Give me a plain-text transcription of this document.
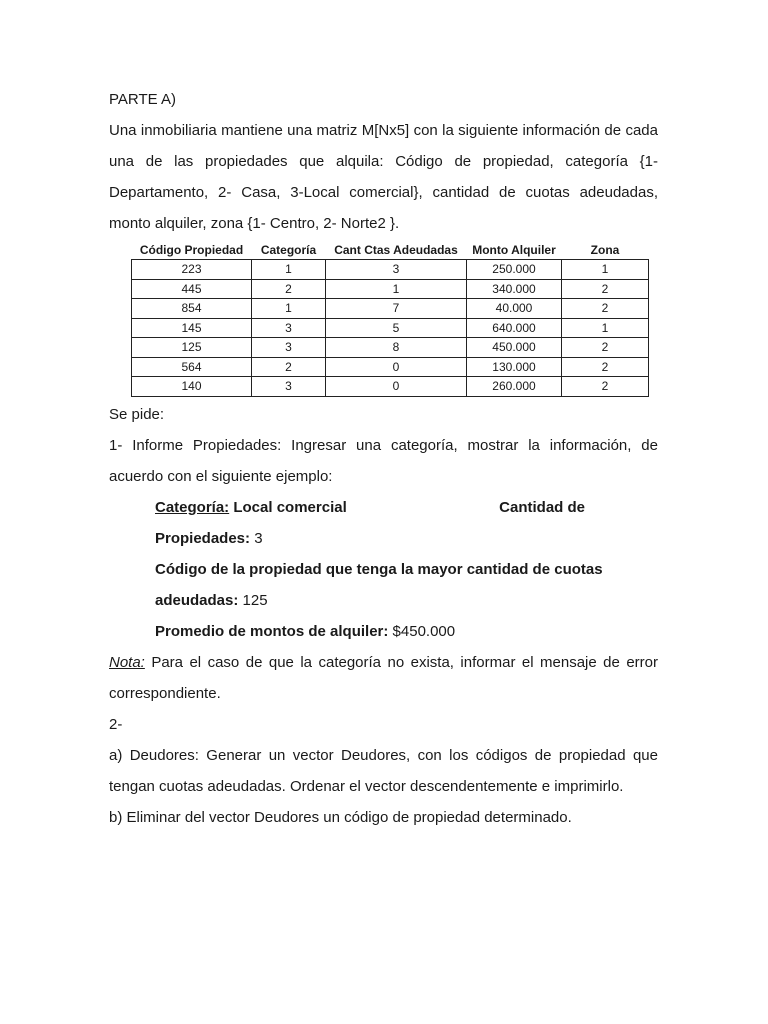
PARTE A)
Una inmobiliaria mantiene una matriz M[Nx5] con la siguiente información de cada una de las propiedades que alquila: Código de propiedad, categoría {1- Departamento, 2- Casa, 3-Local comercial}, cantidad de cuotas adeudadas, monto alquiler, zona {1- Centro, 2- Norte2 }.
Código Propiedad	Categoría	Cant Ctas Adeudadas	Monto Alquiler	Zona
223	1	3	250.000	1
445	2	1	340.000	2
854	1	7	40.000	2
145	3	5	640.000	1
125	3	8	450.000	2
564	2	0	130.000	2
140	3	0	260.000	2
Se pide:
1- Informe Propiedades: Ingresar una categoría, mostrar la información, de acuerdo con el siguiente ejemplo:
Categoría: Local comercial	Cantidad de
Propiedades: 3
Código de la propiedad que tenga la mayor cantidad de cuotas
adeudadas: 125
Promedio de montos de alquiler: $450.000
Nota: Para el caso de que la categoría no exista, informar el mensaje de error correspondiente.
2-
a) Deudores: Generar un vector Deudores, con los códigos de propiedad que tengan cuotas adeudadas. Ordenar el vector descendentemente e imprimirlo.
b) Eliminar del vector Deudores un código de propiedad determinado.
